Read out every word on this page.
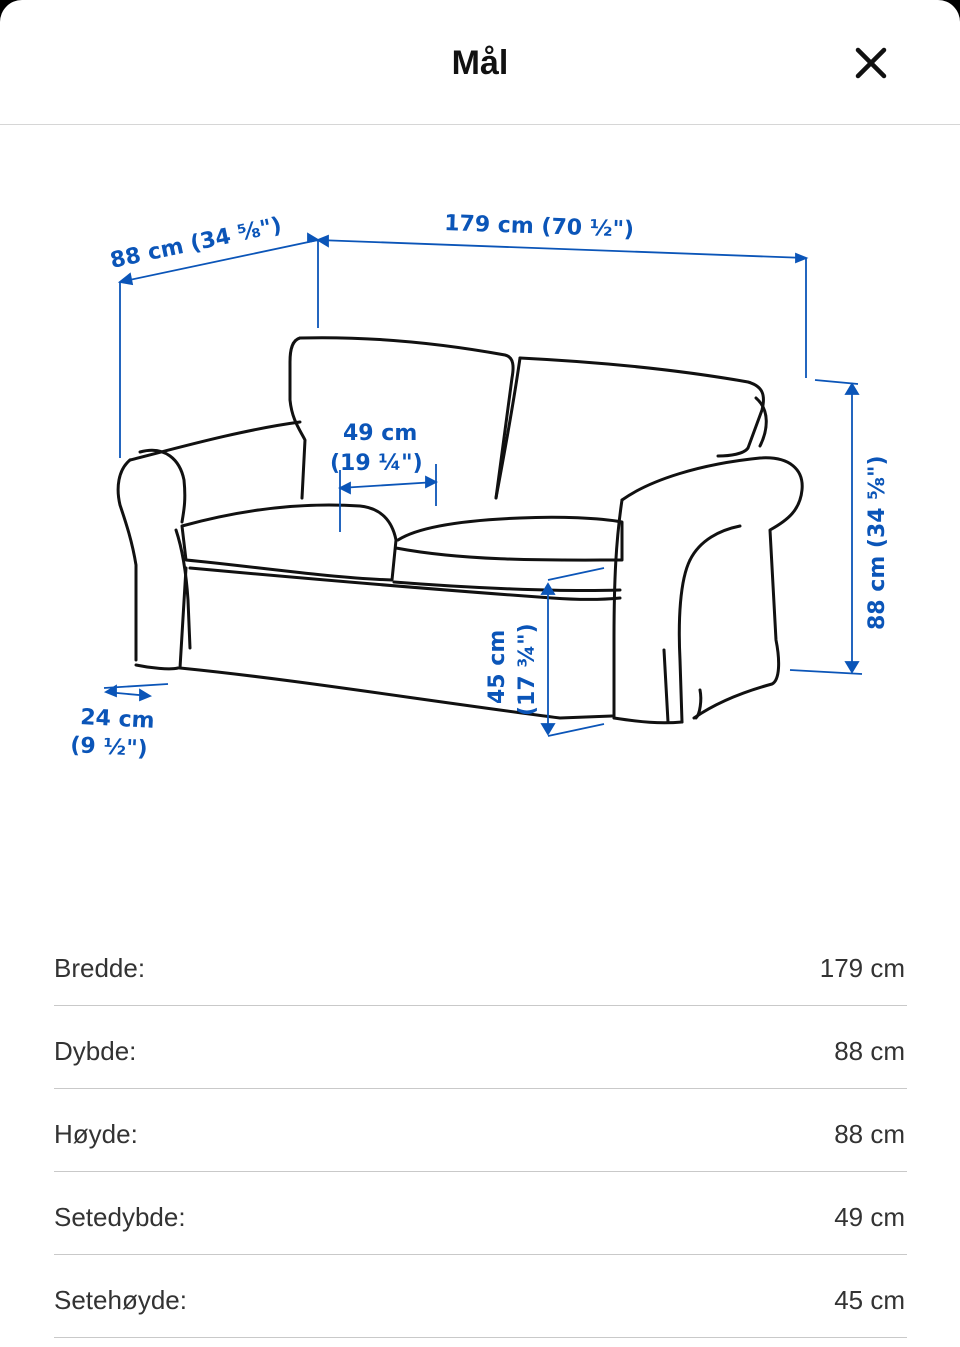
Mål
88 cm (34 ⅝")	179 cm (70 ½")
49 cm
(19 ¼")	88 cm (34 ⅝")
45 cm (17 ¾")
24 cm
(9 ½")
Bredde:	179 cm
Dybde:	88 cm
Høyde:	88 cm
Setedybde:	49 cm
Setehøyde:	45 cm
